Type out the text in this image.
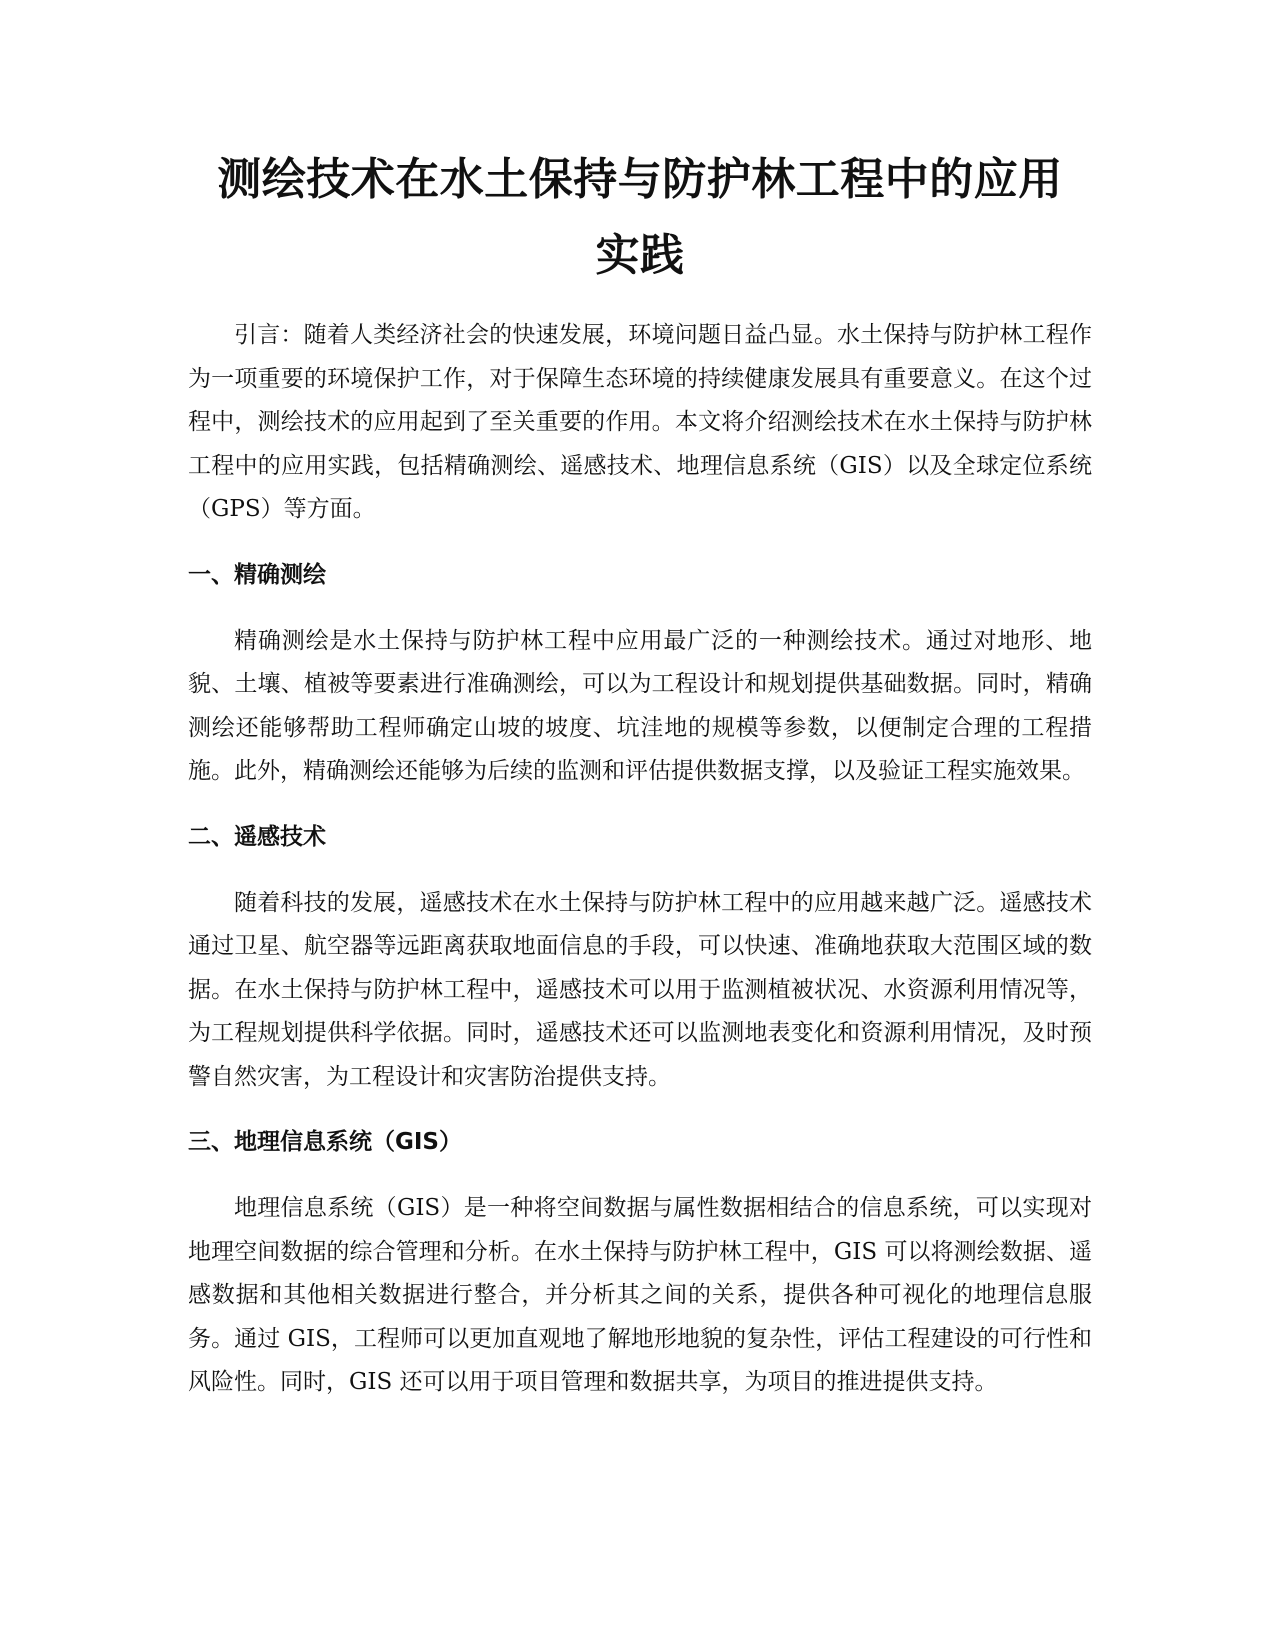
测绘技术在水土保持与防护林工程中的应用
实践

引言：随着人类经济社会的快速发展，环境问题日益凸显。水土保持与防护林工程作为一项重要的环境保护工作，对于保障生态环境的持续健康发展具有重要意义。在这个过程中，测绘技术的应用起到了至关重要的作用。本文将介绍测绘技术在水土保持与防护林工程中的应用实践，包括精确测绘、遥感技术、地理信息系统（GIS）以及全球定位系统（GPS）等方面。

一、精确测绘

精确测绘是水土保持与防护林工程中应用最广泛的一种测绘技术。通过对地形、地貌、土壤、植被等要素进行准确测绘，可以为工程设计和规划提供基础数据。同时，精确测绘还能够帮助工程师确定山坡的坡度、坑洼地的规模等参数，以便制定合理的工程措施。此外，精确测绘还能够为后续的监测和评估提供数据支撑，以及验证工程实施效果。

二、遥感技术

随着科技的发展，遥感技术在水土保持与防护林工程中的应用越来越广泛。遥感技术通过卫星、航空器等远距离获取地面信息的手段，可以快速、准确地获取大范围区域的数据。在水土保持与防护林工程中，遥感技术可以用于监测植被状况、水资源利用情况等，为工程规划提供科学依据。同时，遥感技术还可以监测地表变化和资源利用情况，及时预警自然灾害，为工程设计和灾害防治提供支持。

三、地理信息系统（GIS）

地理信息系统（GIS）是一种将空间数据与属性数据相结合的信息系统，可以实现对地理空间数据的综合管理和分析。在水土保持与防护林工程中，GIS 可以将测绘数据、遥感数据和其他相关数据进行整合，并分析其之间的关系，提供各种可视化的地理信息服务。通过 GIS，工程师可以更加直观地了解地形地貌的复杂性，评估工程建设的可行性和风险性。同时，GIS 还可以用于项目管理和数据共享，为项目的推进提供支持。
